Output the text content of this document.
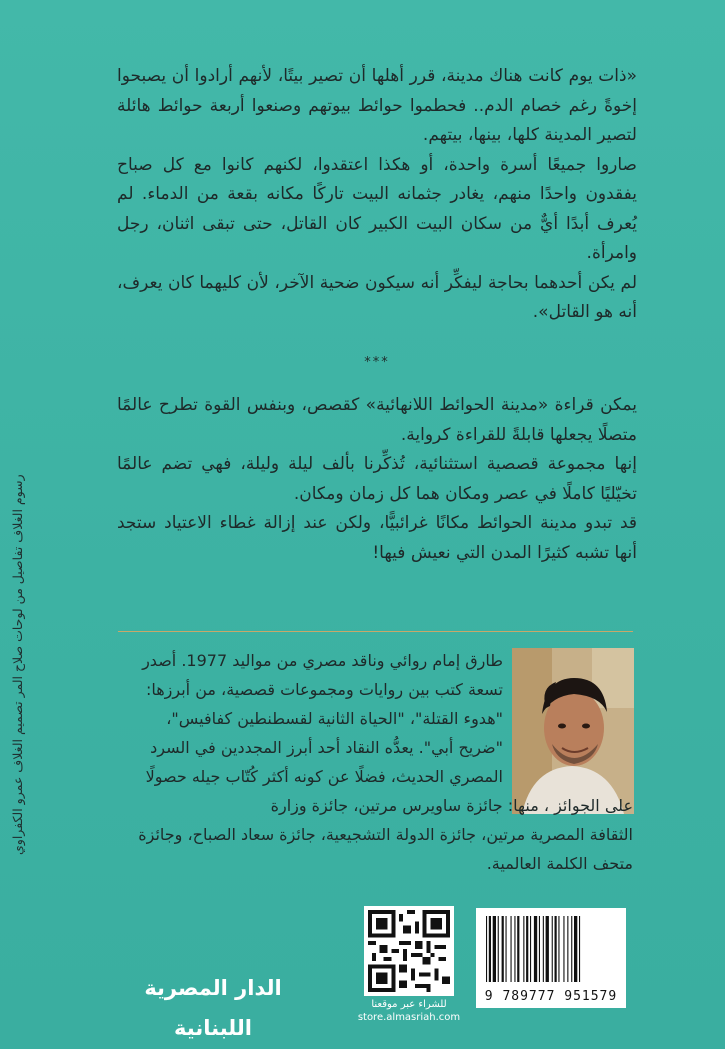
«ذات يوم كانت هناك مدينة، قرر أهلها أن تصير بيتًا، لأنهم أرادوا أن يصبحوا إخوةً رغم خصام الدم.. فحطموا حوائط بيوتهم وصنعوا أربعة حوائط هائلة لتصير المدينة كلها، بينها، بيتهم.

صاروا جميعًا أسرة واحدة، أو هكذا اعتقدوا، لكنهم كانوا مع كل صباح يفقدون واحدًا منهم، يغادر جثمانه البيت تاركًا مكانه بقعة من الدماء. لم يُعرف أبدًا أيٌّ من سكان البيت الكبير كان القاتل، حتى تبقى اثنان، رجل وامرأة.

لم يكن أحدهما بحاجة ليفكِّر أنه سيكون ضحية الآخر، لأن كليهما كان يعرف، أنه هو القاتل».

***

يمكن قراءة «مدينة الحوائط اللانهائية» كقصص، وبنفس القوة تطرح عالمًا متصلًا يجعلها قابلةً للقراءة كرواية.

إنها مجموعة قصصية استثنائية، تُذكِّرنا بألف ليلة وليلة، فهي تضم عالمًا تخيّليًا كاملًا في عصر ومكان هما كل زمان ومكان.

قد تبدو مدينة الحوائط مكانًا غرائبيًّا، ولكن عند إزالة غطاء الاعتياد ستجد أنها تشبه كثيرًا المدن التي نعيش فيها!

طارق إمام روائي وناقد مصري من مواليد 1977. أصدر
تسعة كتب بين روايات ومجموعات قصصية، من أبرزها:
"هدوء القتلة"، "الحياة الثانية لقسطنطين كفافيس"،
"ضريح أبي". يعدُّه النقاد أحد أبرز المجددين في السرد
المصري الحديث، فضلًا عن كونه أكثر كُتّاب جيله حصولًا
على الجوائز ، منها: جائزة ساويرس مرتين، جائزة وزارة
الثقافة المصرية مرتين، جائزة الدولة التشجيعية، جائزة سعاد الصباح، وجائزة
متحف الكلمة العالمية.
رسوم الغلاف تفاصيل من لوحات صلاح المر تصميم الغلاف عمرو الكفراوي
الدار المصرية اللبنانية
للشراء عبر موقعنا
store.almasriah.com
9 789777 951579
